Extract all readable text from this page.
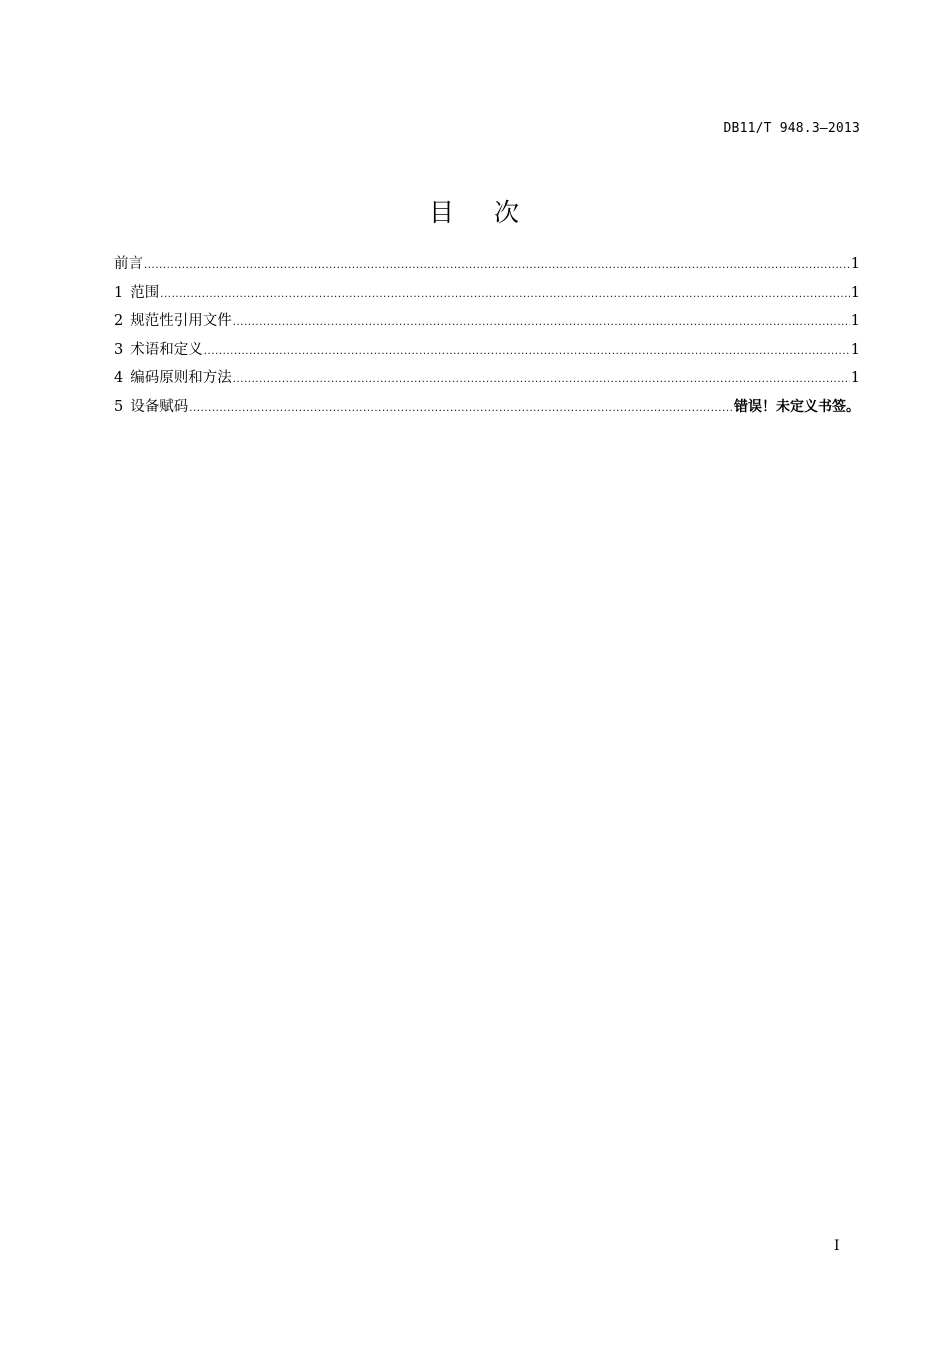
DB11/T 948.3—2013
目 次
前言 .....	1
1 范围 .....	1
2 规范性引用文件 .....	1
3 术语和定义 .....	1
4 编码原则和方法 .....	1
5 设备赋码 .....	错误！未定义书签。
I
